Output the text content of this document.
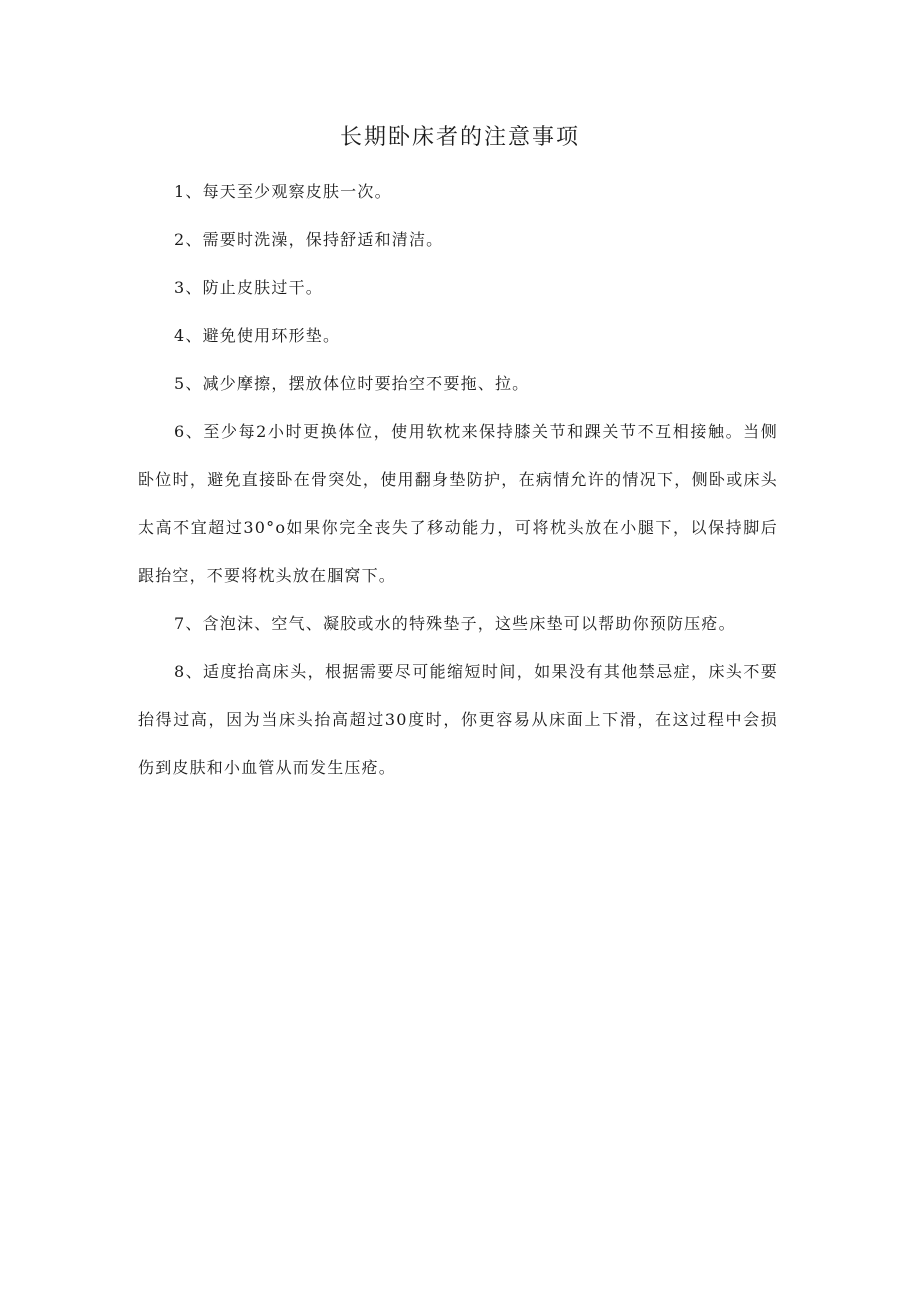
长期卧床者的注意事项

1、每天至少观察皮肤一次。

2、需要时洗澡，保持舒适和清洁。

3、防止皮肤过干。

4、避免使用环形垫。

5、减少摩擦，摆放体位时要抬空不要拖、拉。

6、至少每2小时更换体位，使用软枕来保持膝关节和踝关节不互相接触。当侧卧位时，避免直接卧在骨突处，使用翻身垫防护，在病情允许的情况下，侧卧或床头太高不宜超过30°o如果你完全丧失了移动能力，可将枕头放在小腿下，以保持脚后跟抬空，不要将枕头放在腘窝下。

7、含泡沫、空气、凝胶或水的特殊垫子，这些床垫可以帮助你预防压疮。

8、适度抬高床头，根据需要尽可能缩短时间，如果没有其他禁忌症，床头不要抬得过高，因为当床头抬高超过30度时，你更容易从床面上下滑，在这过程中会损伤到皮肤和小血管从而发生压疮。
